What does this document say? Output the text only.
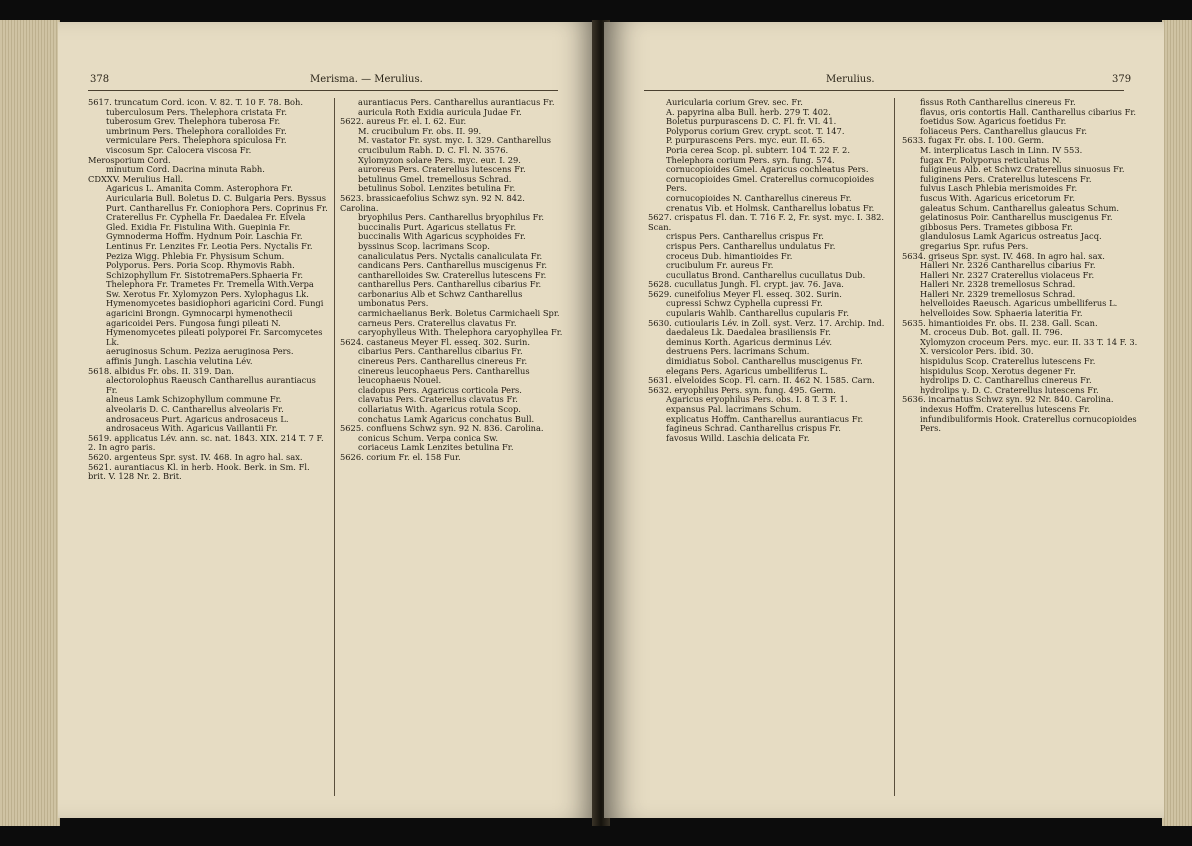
378	Merisma. — Merulius.

5617. truncatum Cord. icon. V. 82. T. 10 F. 78. Boh.

tuberculosum Pers. Thelephora cristata Fr.

tuberosum Grev. Thelephora tuberosa Fr.

umbrinum Pers. Thelephora coralloides Fr.

vermiculare Pers. Thelephora spiculosa Fr.

viscosum Spr. Calocera viscosa Fr.

Merosporium Cord.

minutum Cord. Dacrina minuta Rabh.

CDXXV. Merulius Hall.

Agaricus L. Amanita Comm. Asterophora Fr. Auricularia Bull. Boletus D. C. Bulgaria Pers. Byssus Purt. Cantharellus Fr. Coniophora Pers. Coprinus Fr. Craterellus Fr. Cyphella Fr. Daedalea Fr. Elvela Gled. Exidia Fr. Fistulina With. Guepinia Fr. Gymnoderma Hoffm. Hydnum Poir. Laschia Fr. Lentinus Fr. Lenzites Fr. Leotia Pers. Nyctalis Fr. Peziza Wigg. Phlebia Fr. Physisum Schum. Polyporus. Pers. Poria Scop. Rhymovis Rabh. Schizophyllum Fr. SistotremaPers.Sphaeria Fr. Thelephora Fr. Trametes Fr. Tremella With.Verpa Sw. Xerotus Fr. Xylomyzon Pers. Xylophagus Lk.

Hymenomycetes basidiophori agaricini Cord. Fungi agaricini Brongn. Gymnocarpi hymenothecii agaricoidei Pers. Fungosa fungi pileati N. Hymenomycetes pileati polyporei Fr. Sarcomycetes Lk.

aeruginosus Schum. Peziza aeruginosa Pers.

affinis Jungh. Laschia velutina Lév.

5618. albidus Fr. obs. II. 319. Dan.

alectorolophus Raeusch Cantharellus aurantiacus Fr.

alneus Lamk Schizophyllum commune Fr.

alveolaris D. C. Cantharellus alveolaris Fr.

androsaceus Purt. Agaricus androsaceus L.

androsaceus With. Agaricus Vaillantii Fr.

5619. applicatus Lév. ann. sc. nat. 1843. XIX. 214 T. 7 F. 2. In agro paris.

5620. argenteus Spr. syst. IV. 468. In agro hal. sax.

5621. aurantiacus Kl. in herb. Hook. Berk. in Sm. Fl. brit. V. 128 Nr. 2. Brit.

aurantiacus Pers. Cantharellus aurantiacus Fr.

auricula Roth Exidia auricula Judae Fr.

5622. aureus Fr. el. I. 62. Eur.

M. crucibulum Fr. obs. II. 99.

M. vastator Fr. syst. myc. I. 329. Cantharellus crucibulum Rabh. D. C. Fl. N. 3576.

Xylomyzon solare Pers. myc. eur. I. 29.

auroreus Pers. Craterellus lutescens Fr.

betulinus Gmel. tremellosus Schrad.

betulinus Sobol. Lenzites betulina Fr.

5623. brassicaefolius Schwz syn. 92 N. 842. Carolina.

bryophilus Pers. Cantharellus bryophilus Fr.

buccinalis Purt. Agaricus stellatus Fr.

buccinalis With Agaricus scyphoides Fr.

byssinus Scop. lacrimans Scop.

canaliculatus Pers. Nyctalis canaliculata Fr.

candicans Pers. Cantharellus muscigenus Fr.

cantharelloides Sw. Craterellus lutescens Fr.

cantharellus Pers. Cantharellus cibarius Fr.

carbonarius Alb et Schwz Cantharellus umbonatus Pers.

carmichaelianus Berk. Boletus Carmichaeli Spr.

carneus Pers. Craterellus clavatus Fr.

caryophylleus With. Thelephora caryophyllea Fr.

5624. castaneus Meyer Fl. esseq. 302. Surin.

cibarius Pers. Cantharellus cibarius Fr.

cinereus Pers. Cantharellus cinereus Fr.

cinereus leucophaeus Pers. Cantharellus leucophaeus Nouel.

cladopus Pers. Agaricus corticola Pers.

clavatus Pers. Craterellus clavatus Fr.

collariatus With. Agaricus rotula Scop.

conchatus Lamk Agaricus conchatus Bull.

5625. confluens Schwz syn. 92 N. 836. Carolina.

conicus Schum. Verpa conica Sw.

coriaceus Lamk Lenzites betulina Fr.

5626. corium Fr. el. 158 Fur.

Merulius.	379

Auricularia corium Grev. sec. Fr.

A. papyrina alba Bull. herb. 279 T. 402.

Boletus purpurascens D. C. Fl. fr. VI. 41.

Polyporus corium Grev. crypt. scot. T. 147.

P. purpurascens Pers. myc. eur. II. 65.

Poria cerea Scop. pl. subterr. 104 T. 22 F. 2.

Thelephora corium Pers. syn. fung. 574.

cornucopioides Gmel. Agaricus cochleatus Pers.

cornucopioides Gmel. Craterellus cornucopioides Pers.

cornucopioides N. Cantharellus cinereus Fr.

crenatus Vib. et Holmsk. Cantharellus lobatus Fr.

5627. crispatus Fl. dan. T. 716 F. 2, Fr. syst. myc. I. 382. Scan.

crispus Pers. Cantharellus crispus Fr.

crispus Pers. Cantharellus undulatus Fr.

croceus Dub. himantioides Fr.

crucibulum Fr. aureus Fr.

cucullatus Brond. Cantharellus cucullatus Dub.

5628. cucullatus Jungh. Fl. crypt. jav. 76. Java.

5629. cuneifolius Meyer Fl. esseq. 302. Surin.

cupressi Schwz Cyphella cupressi Fr.

cupularis Wahlb. Cantharellus cupularis Fr.

5630. cutioularis Lév. in Zoll. syst. Verz. 17. Archip. Ind.

daedaleus Lk. Daedalea brasiliensis Fr.

deminus Korth. Agaricus derminus Lév.

destruens Pers. lacrimans Schum.

dimidiatus Sobol. Cantharellus muscigenus Fr.

elegans Pers. Agaricus umbelliferus L.

5631. elveloides Scop. Fl. carn. II. 462 N. 1585. Carn.

5632. eryophilus Pers. syn. fung. 495. Germ.

Agaricus eryophilus Pers. obs. I. 8 T. 3 F. 1.

expansus Pal. lacrimans Schum.

explicatus Hoffm. Cantharellus aurantiacus Fr.

fagineus Schrad. Cantharellus crispus Fr.

favosus Willd. Laschia delicata Fr.

fissus Roth Cantharellus cinereus Fr.

flavus, oris contortis Hall. Cantharellus cibarius Fr.

foetidus Sow. Agaricus foetidus Fr.

foliaceus Pers. Cantharellus glaucus Fr.

5633. fugax Fr. obs. I. 100. Germ.

M. interplicatus Lasch in Linn. IV 553.

fugax Fr. Polyporus reticulatus N.

fuligineus Alb. et Schwz Craterellus sinuosus Fr.

fuliginens Pers. Craterellus lutescens Fr.

fulvus Lasch Phlebia merismoides Fr.

fuscus With. Agaricus ericetorum Fr.

galeatus Schum. Cantharellus galeatus Schum.

gelatinosus Poir. Cantharellus muscigenus Fr.

gibbosus Pers. Trametes gibbosa Fr.

glandulosus Lamk Agaricus ostreatus Jacq.

gregarius Spr. rufus Pers.

5634. griseus Spr. syst. IV. 468. In agro hal. sax.

Halleri Nr. 2326 Cantharellus cibarius Fr.

Halleri Nr. 2327 Craterellus violaceus Fr.

Halleri Nr. 2328 tremellosus Schrad.

Halleri Nr. 2329 tremellosus Schrad.

helvelloides Raeusch. Agaricus umbelliferus L.

helvelloides Sow. Sphaeria lateritia Fr.

5635. himantioides Fr. obs. II. 238. Gall. Scan.

M. croceus Dub. Bot. gall. II. 796.

Xylomyzon croceum Pers. myc. eur. II. 33 T. 14 F. 3.

X. versicolor Pers. ibid. 30.

hispidulus Scop. Craterellus lutescens Fr.

hispidulus Scop. Xerotus degener Fr.

hydrolips D. C. Cantharellus cinereus Fr.

hydrolips γ. D. C. Craterellus lutescens Fr.

5636. incarnatus Schwz syn. 92 Nr. 840. Carolina.

indexus Hoffm. Craterellus lutescens Fr.

infundibuliformis Hook. Craterellus cornucopioides Pers.
